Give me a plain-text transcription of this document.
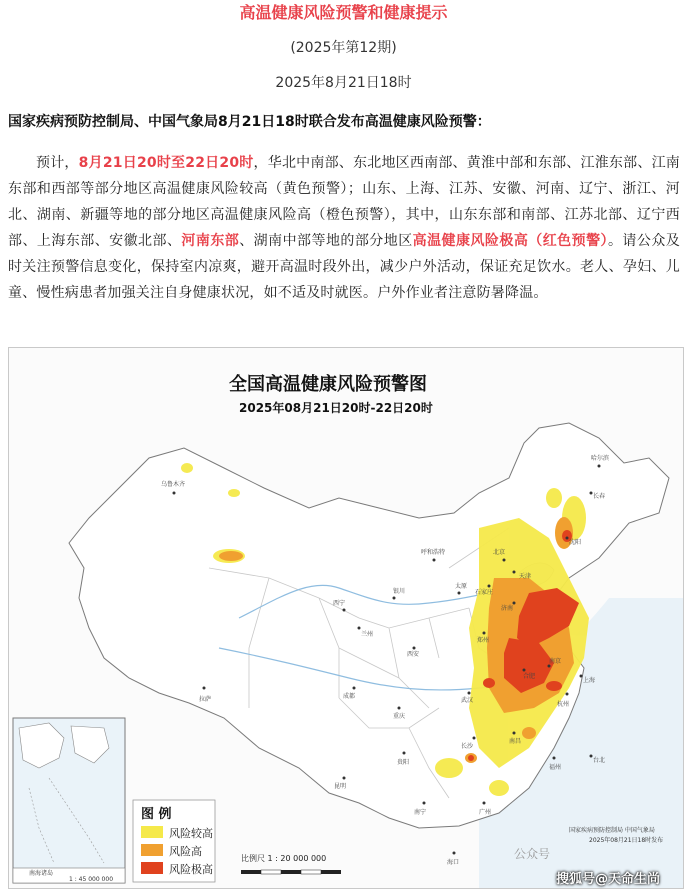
高温健康风险预警和健康提示
(2025年第12期)
2025年8月21日18时
国家疾病预防控制局、中国气象局8月21日18时联合发布高温健康风险预警：
预计，8月21日20时至22日20时，华北中南部、东北地区西南部、黄淮中部和东部、江淮东部、江南东部和西部等部分地区高温健康风险较高（黄色预警）；山东、上海、江苏、安徽、河南、辽宁、浙江、河北、湖南、新疆等地的部分地区高温健康风险高（橙色预警），其中，山东东部和南部、江苏北部、辽宁西部、上海东部、安徽北部、河南东部、湖南中部等地的部分地区高温健康风险极高（红色预警）。请公众及时关注预警信息变化，保持室内凉爽，避开高温时段外出，减少户外活动，保证充足饮水。老人、孕妇、儿童、慢性病患者加强关注自身健康状况，如不适及时就医。户外作业者注意防暑降温。
全国高温健康风险预警图
2025年08月21日20时-22日20时
乌鲁木齐
拉萨
西宁
兰州
银川
呼和浩特	北京
天津
石家庄
太原
济南
郑州
西安
成都
重庆
武汉
合肥
南京
上海
杭州
长沙
南昌
福州
贵阳
昆明
南宁	广州
海口
台北
沈阳
长春
哈尔滨
南海诸岛
1 : 45 000 000
图 例
风险较高
风险高
风险极高
比例尺 1 : 20 000 000	公众号
国家疾病预防控制局 中国气象局
2025年08月21日18时发布
搜狐号@天命生尚
